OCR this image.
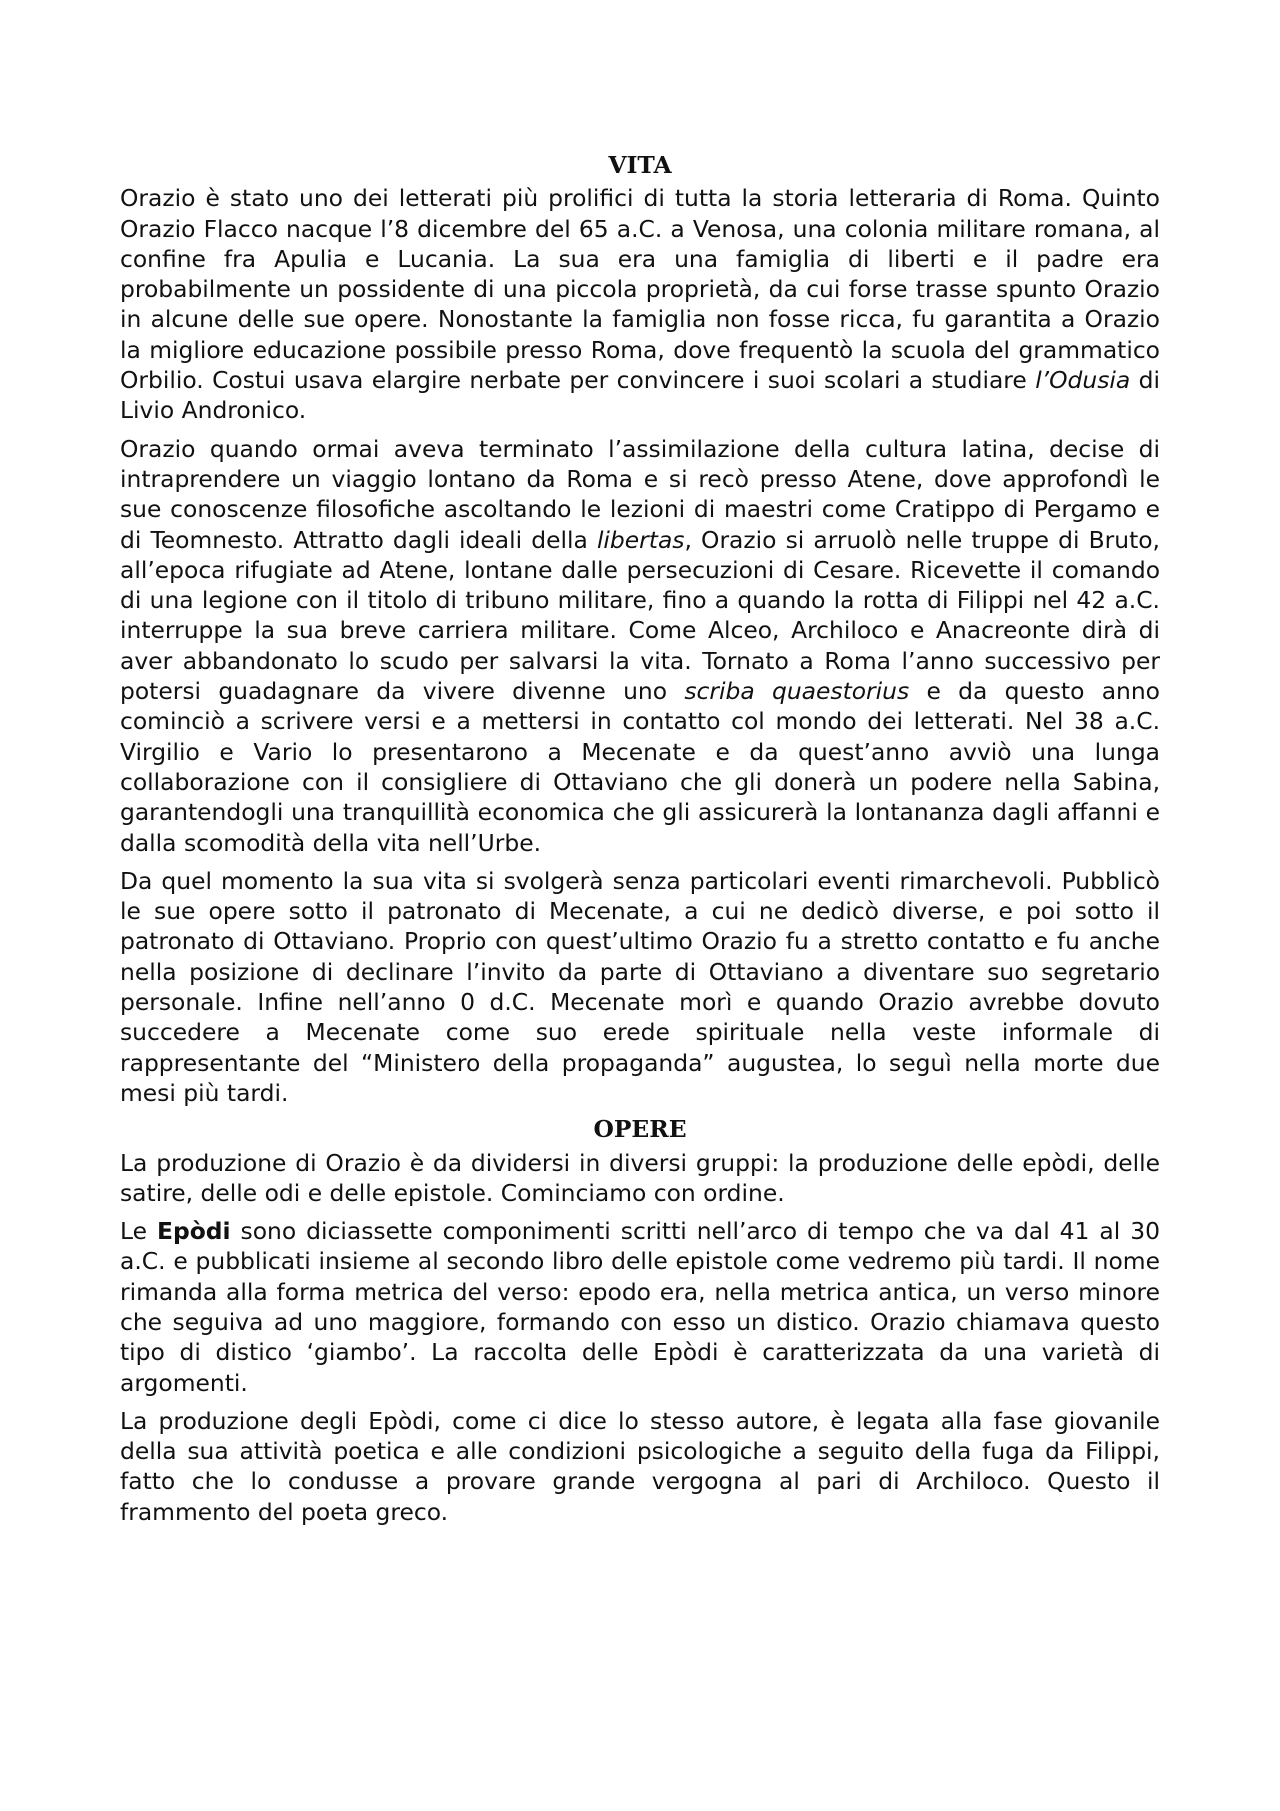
VITA

Orazio è stato uno dei letterati più prolifici di tutta la storia letteraria di Roma. Quinto Orazio Flacco nacque l’8 dicembre del 65 a.C. a Venosa, una colonia militare romana, al confine fra Apulia e Lucania. La sua era una famiglia di liberti e il padre era probabilmente un possidente di una piccola proprietà, da cui forse trasse spunto Orazio in alcune delle sue opere. Nonostante la famiglia non fosse ricca, fu garantita a Orazio la migliore educazione possibile presso Roma, dove frequentò la scuola del grammatico Orbilio. Costui usava elargire nerbate per convincere i suoi scolari a studiare l’Odusia di Livio Andronico.

Orazio quando ormai aveva terminato l’assimilazione della cultura latina, decise di intraprendere un viaggio lontano da Roma e si recò presso Atene, dove approfondì le sue conoscenze filosofiche ascoltando le lezioni di maestri come Cratippo di Pergamo e di Teomnesto. Attratto dagli ideali della libertas, Orazio si arruolò nelle truppe di Bruto, all’epoca rifugiate ad Atene, lontane dalle persecuzioni di Cesare. Ricevette il comando di una legione con il titolo di tribuno militare, fino a quando la rotta di Filippi nel 42 a.C. interruppe la sua breve carriera militare. Come Alceo, Archiloco e Anacreonte dirà di aver abbandonato lo scudo per salvarsi la vita. Tornato a Roma l’anno successivo per potersi guadagnare da vivere divenne uno scriba quaestorius e da questo anno cominciò a scrivere versi e a mettersi in contatto col mondo dei letterati. Nel 38 a.C. Virgilio e Vario lo presentarono a Mecenate e da quest’anno avviò una lunga collaborazione con il consigliere di Ottaviano che gli donerà un podere nella Sabina, garantendogli una tranquillità economica che gli assicurerà la lontananza dagli affanni e dalla scomodità della vita nell’Urbe.

Da quel momento la sua vita si svolgerà senza particolari eventi rimarchevoli. Pubblicò le sue opere sotto il patronato di Mecenate, a cui ne dedicò diverse, e poi sotto il patronato di Ottaviano. Proprio con quest’ultimo Orazio fu a stretto contatto e fu anche nella posizione di declinare l’invito da parte di Ottaviano a diventare suo segretario personale. Infine nell’anno 0 d.C. Mecenate morì e quando Orazio avrebbe dovuto succedere a Mecenate come suo erede spirituale nella veste informale di rappresentante del “Ministero della propaganda” augustea, lo seguì nella morte due mesi più tardi.

OPERE

La produzione di Orazio è da dividersi in diversi gruppi: la produzione delle epòdi, delle satire, delle odi e delle epistole. Cominciamo con ordine.

Le Epòdi sono diciassette componimenti scritti nell’arco di tempo che va dal 41 al 30 a.C. e pubblicati insieme al secondo libro delle epistole come vedremo più tardi. Il nome rimanda alla forma metrica del verso: epodo era, nella metrica antica, un verso minore che seguiva ad uno maggiore, formando con esso un distico. Orazio chiamava questo tipo di distico ‘giambo’. La raccolta delle Epòdi è caratterizzata da una varietà di argomenti.

La produzione degli Epòdi, come ci dice lo stesso autore, è legata alla fase giovanile della sua attività poetica e alle condizioni psicologiche a seguito della fuga da Filippi, fatto che lo condusse a provare grande vergogna al pari di Archiloco. Questo il frammento del poeta greco.
